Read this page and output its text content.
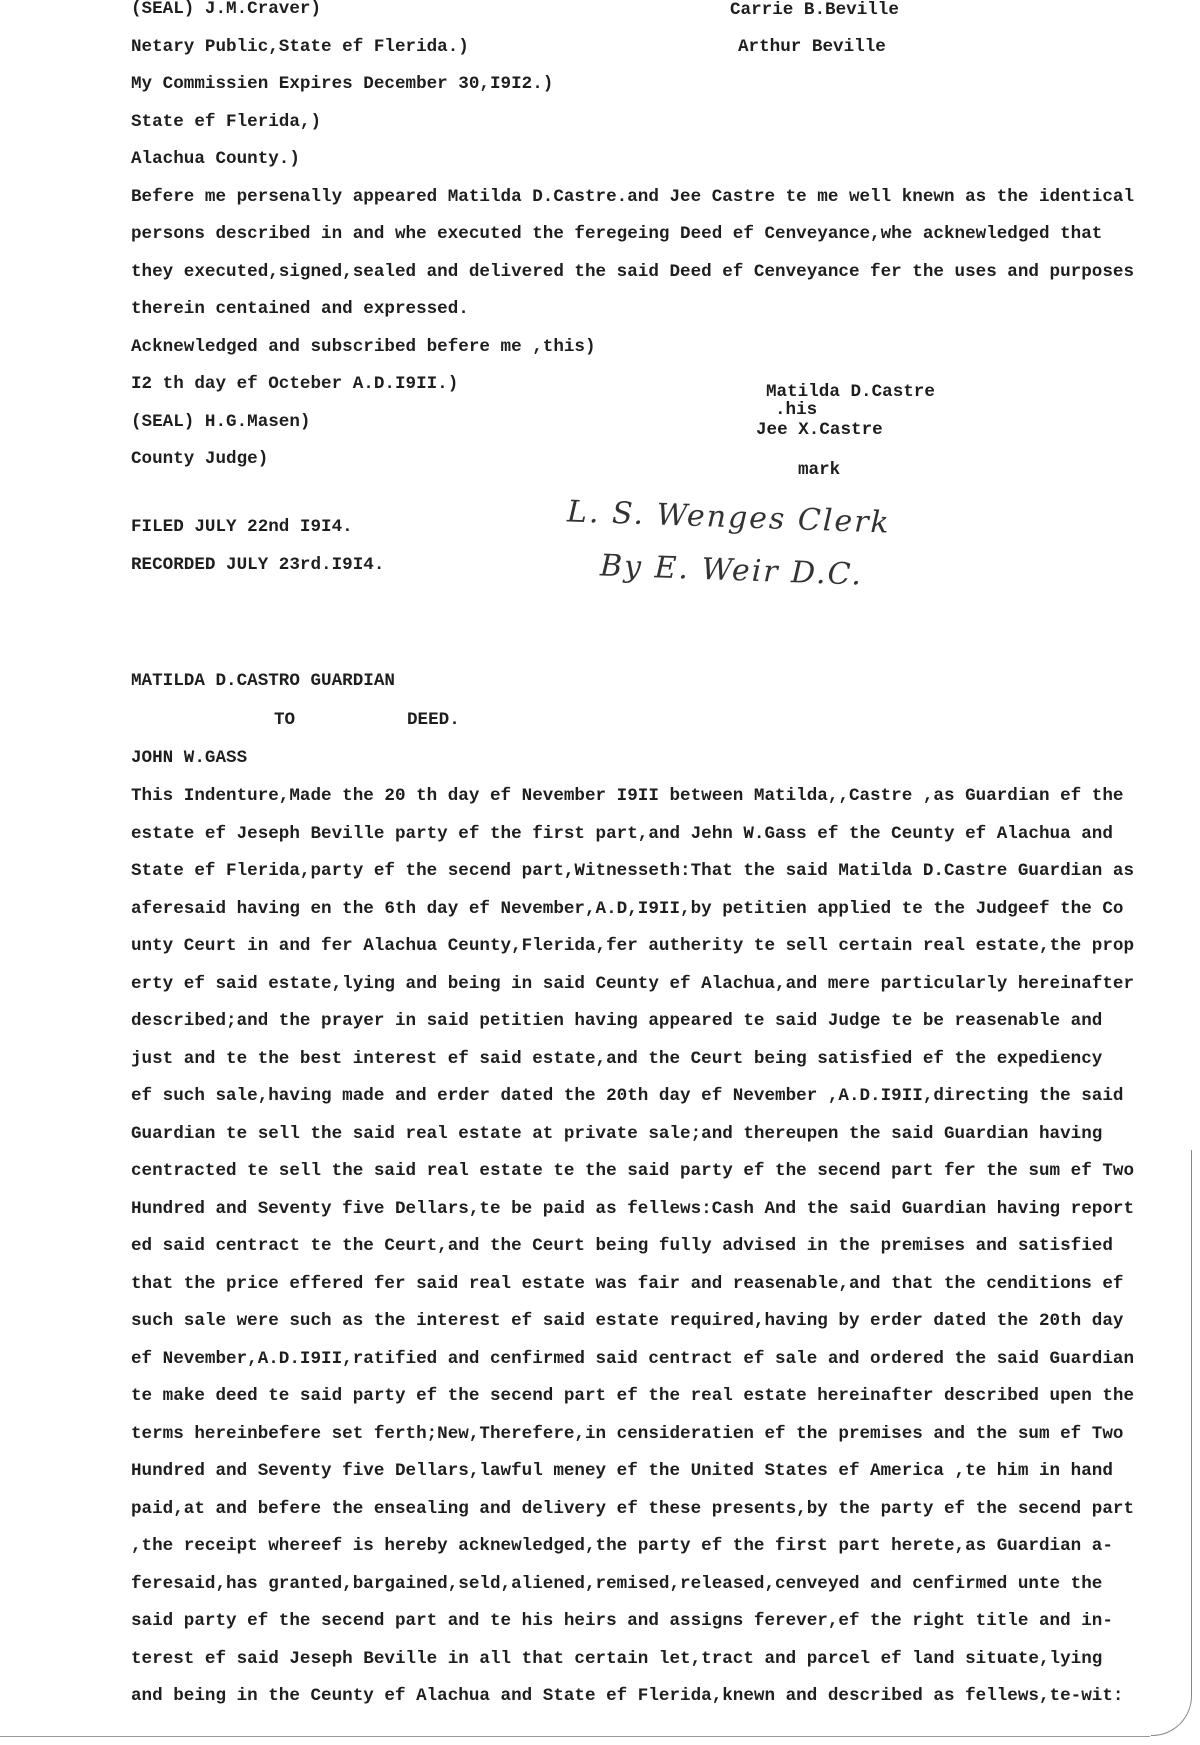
(SEAL) J.M.Craver)
Netary Public,State ef Flerida.)
My Commissien Expires December 30,I9I2.)
State ef Flerida,)
Alachua County.)
Befere me persenally appeared Matilda D.Castre.and Jee Castre te me well knewn as the identical
persons described in and whe executed the feregeing Deed ef Cenveyance,whe acknewledged that
they executed,signed,sealed and delivered the said Deed ef Cenveyance fer the uses and purposes
therein centained and expressed.
Acknewledged and subscribed befere me ,this)
I2 th day ef Octeber A.D.I9II.)
(SEAL) H.G.Masen)
County Judge)
Carrie B.Beville
Arthur Beville
Matilda D.Castre
.his
Jee X.Castre
mark
FILED JULY 22nd I9I4.
RECORDED JULY 23rd.I9I4.
L. S. Wenges Clerk
By E. Weir D.C.
MATILDA D.CASTRO GUARDIAN
TO	DEED.
JOHN W.GASS
This Indenture,Made the 20 th day ef Nevember I9II between Matilda,,Castre ,as Guardian ef the
estate ef Jeseph Beville party ef the first part,and Jehn W.Gass ef the Ceunty ef Alachua and
State ef Flerida,party ef the secend part,Witnesseth:That the said Matilda D.Castre Guardian as
aferesaid having en the 6th day ef Nevember,A.D,I9II,by petitien applied te the Judgeef the Co
unty Ceurt in and fer Alachua Ceunty,Flerida,fer autherity te sell certain real estate,the prop
erty ef said estate,lying and being in said Ceunty ef Alachua,and mere particularly hereinafter
described;and the prayer in said petitien having appeared te said Judge te be reasenable and
just and te the best interest ef said estate,and the Ceurt being satisfied ef the expediency
ef such sale,having made and erder dated the 20th day ef Nevember ,A.D.I9II,directing the said
Guardian te sell the said real estate at private sale;and thereupen the said Guardian having
centracted te sell the said real estate te the said party ef the secend part fer the sum ef Two
Hundred and Seventy five Dellars,te be paid as fellews:Cash And the said Guardian having report
ed said centract te the Ceurt,and the Ceurt being fully advised in the premises and satisfied
that the price effered fer said real estate was fair and reasenable,and that the cenditions ef
such sale were such as the interest ef said estate required,having by erder dated the 20th day
ef Nevember,A.D.I9II,ratified and cenfirmed said centract ef sale and ordered the said Guardian
te make deed te said party ef the secend part ef the real estate hereinafter described upen the
terms hereinbefere set ferth;New,Therefere,in censideratien ef the premises and the sum ef Two
Hundred and Seventy five Dellars,lawful meney ef the United States ef America ,te him in hand
paid,at and befere the ensealing and delivery ef these presents,by the party ef the secend part
,the receipt whereef is hereby acknewledged,the party ef the first part herete,as Guardian a-
feresaid,has granted,bargained,seld,aliened,remised,released,cenveyed and cenfirmed unte the
said party ef the secend part and te his heirs and assigns ferever,ef the right title and in-
terest ef said Jeseph Beville in all that certain let,tract and parcel ef land situate,lying
and being in the Ceunty ef Alachua and State ef Flerida,knewn and described as fellews,te-wit:
